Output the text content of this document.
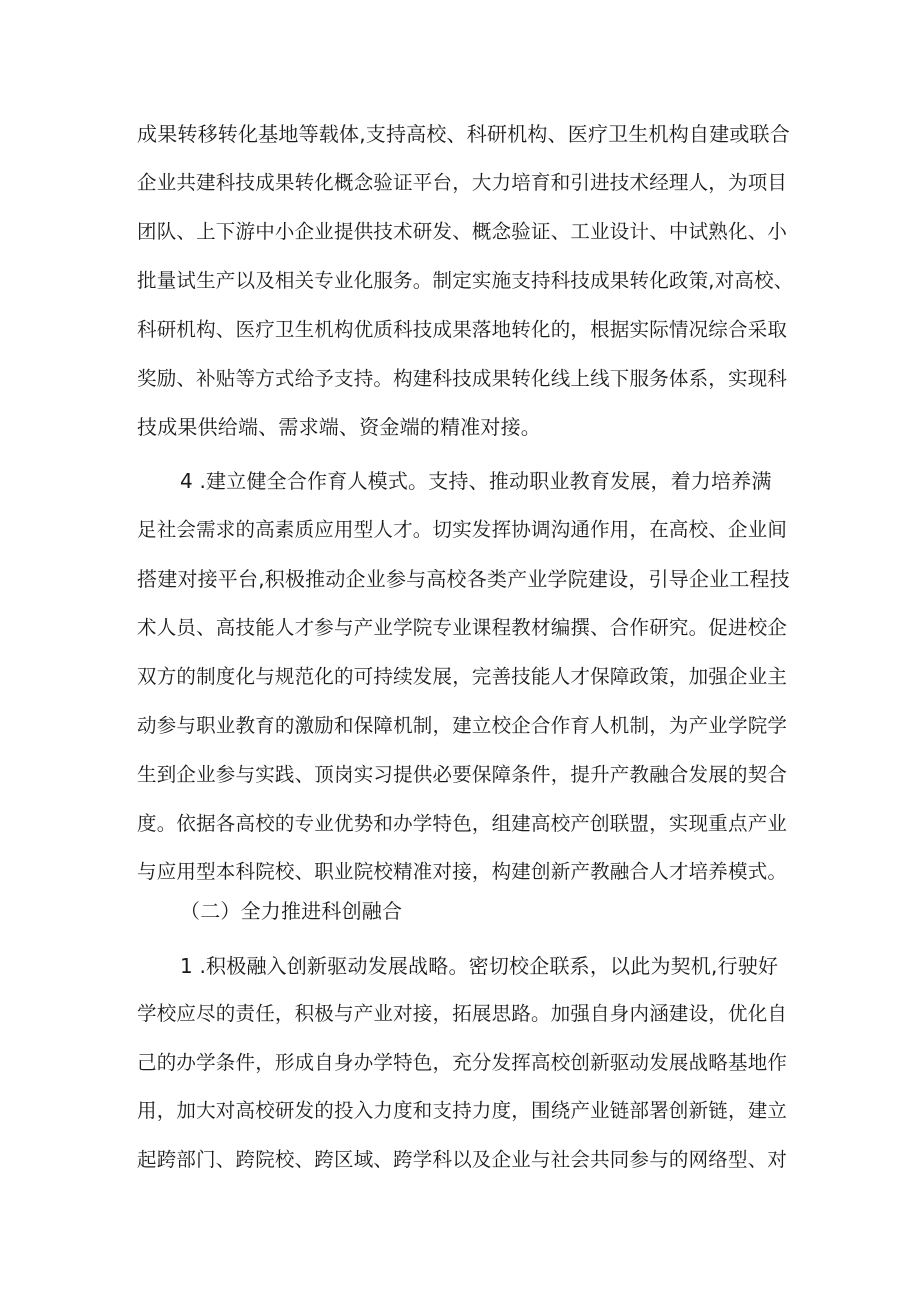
成果转移转化基地等载体,支持高校、科研机构、医疗卫生机构自建或联合

企业共建科技成果转化概念验证平台，大力培育和引进技术经理人，为项目

团队、上下游中小企业提供技术研发、概念验证、工业设计、中试熟化、小

批量试生产以及相关专业化服务。制定实施支持科技成果转化政策,对高校、

科研机构、医疗卫生机构优质科技成果落地转化的，根据实际情况综合采取

奖励、补贴等方式给予支持。构建科技成果转化线上线下服务体系，实现科

技成果供给端、需求端、资金端的精准对接。

4 .建立健全合作育人模式。支持、推动职业教育发展，着力培养满

足社会需求的高素质应用型人才。切实发挥协调沟通作用，在高校、企业间

搭建对接平台,积极推动企业参与高校各类产业学院建设，引导企业工程技

术人员、高技能人才参与产业学院专业课程教材编撰、合作研究。促进校企

双方的制度化与规范化的可持续发展，完善技能人才保障政策，加强企业主

动参与职业教育的激励和保障机制，建立校企合作育人机制，为产业学院学

生到企业参与实践、顶岗实习提供必要保障条件，提升产教融合发展的契合

度。依据各高校的专业优势和办学特色，组建高校产创联盟，实现重点产业

与应用型本科院校、职业院校精准对接，构建创新产教融合人才培养模式。

（二）全力推进科创融合

1 .积极融入创新驱动发展战略。密切校企联系，以此为契机,行驶好

学校应尽的责任，积极与产业对接，拓展思路。加强自身内涵建设，优化自

己的办学条件，形成自身办学特色，充分发挥高校创新驱动发展战略基地作

用，加大对高校研发的投入力度和支持力度，围绕产业链部署创新链，建立

起跨部门、跨院校、跨区域、跨学科以及企业与社会共同参与的网络型、对
